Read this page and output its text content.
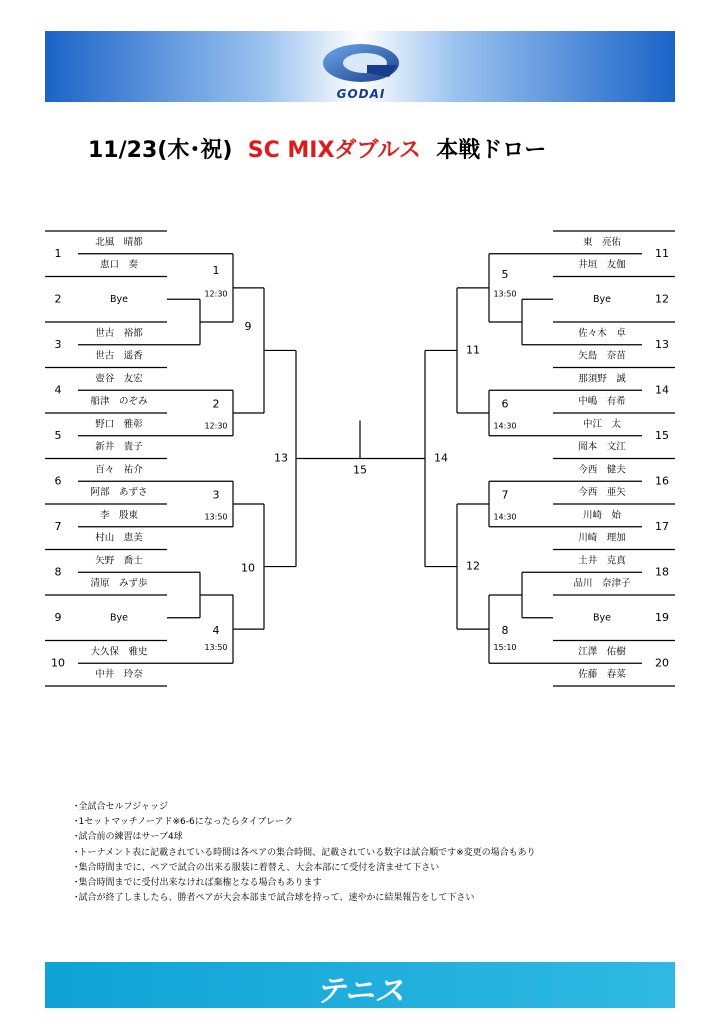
GODAI
11/23(木･祝) SC MIXダブルス 本戦ドロー
1
北風　晴都
恵口　奏
2	Bye
3
世古　裕都
世古　遥香
4
壺谷　友宏
船津　のぞみ
5
野口　雅彰
新井　貴子
6
百々　祐介
阿部　あずさ
7
李　殷東
村山　恵美
8
矢野　喬士
清原　みず歩
9	Bye
10
大久保　雅史
中井　玲奈
11
東　亮佑
井垣　友伽
12
Bye
13
佐々木　卓
矢島　奈苗
14
那須野　誠
中嶋　有希
15
中江　太
岡本　文江
16
今西　健夫
今西　亜矢
17
川崎　始
川崎　理加
18
土井　克真
品川　奈津子
19
Bye
20
江澤　佑樹
佐藤　春菜
1
12:30
2
12:30
3
13:50
4
13:50
9
10
13
5
13:50
6
14:30
7
14:30
8
15:10
11
12
14
15
･全試合セルフジャッジ
･1セットマッチノーアド※6-6になったらタイブレーク
･試合前の練習はサーブ4球
･トーナメント表に記載されている時間は各ペアの集合時間、記載されている数字は試合順です※変更の場合もあり
･集合時間までに、ペアで試合の出来る服装に着替え、大会本部にて受付を済ませて下さい
･集合時間までに受付出来なければ棄権となる場合もあります
･試合が終了しましたら、勝者ペアが大会本部まで試合球を持って、速やかに結果報告をして下さい
テニス
